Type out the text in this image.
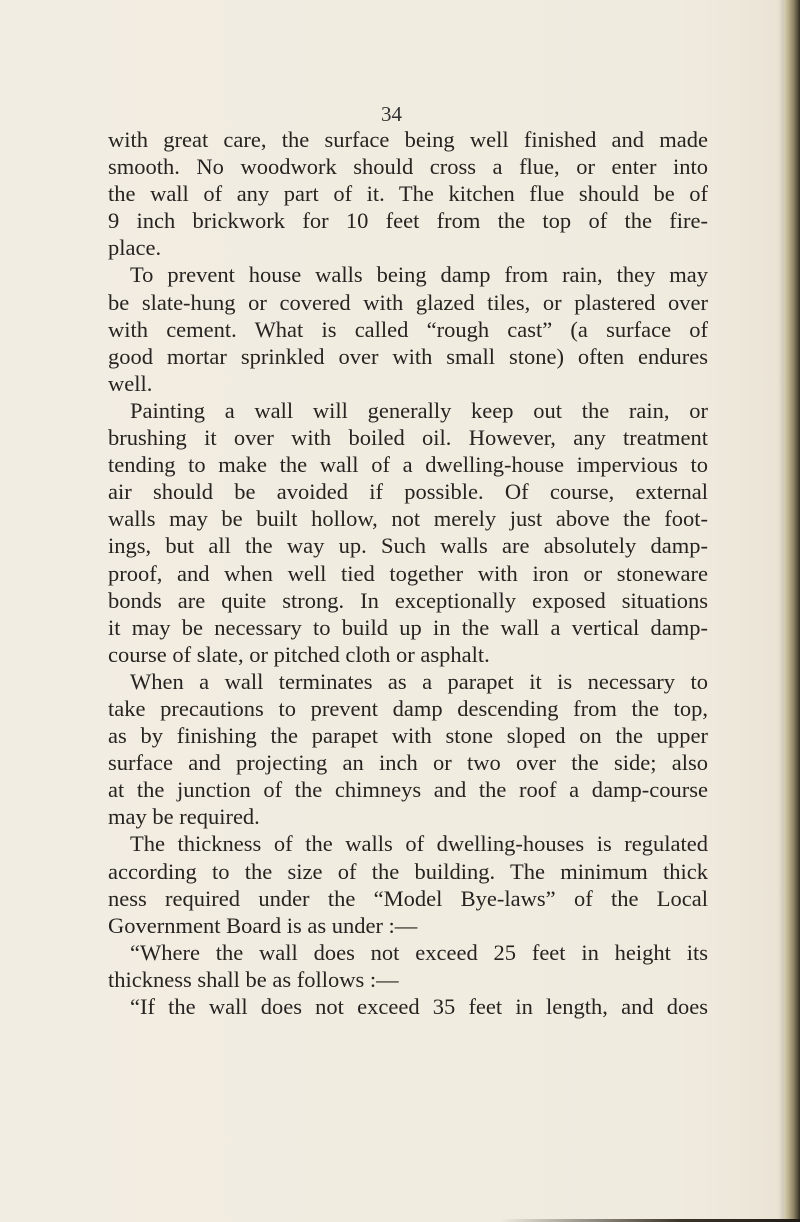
34
with great care, the surface being well finished and made
smooth. No woodwork should cross a flue, or enter into
the wall of any part of it. The kitchen flue should be of
9 inch brickwork for 10 feet from the top of the fire-
place.
To prevent house walls being damp from rain, they may
be slate-hung or covered with glazed tiles, or plastered over
with cement. What is called “rough cast” (a surface of
good mortar sprinkled over with small stone) often endures
well.
Painting a wall will generally keep out the rain, or
brushing it over with boiled oil. However, any treatment
tending to make the wall of a dwelling-house impervious to
air should be avoided if possible. Of course, external
walls may be built hollow, not merely just above the foot-
ings, but all the way up. Such walls are absolutely damp-
proof, and when well tied together with iron or stoneware
bonds are quite strong. In exceptionally exposed situations
it may be necessary to build up in the wall a vertical damp-
course of slate, or pitched cloth or asphalt.
When a wall terminates as a parapet it is necessary to
take precautions to prevent damp descending from the top,
as by finishing the parapet with stone sloped on the upper
surface and projecting an inch or two over the side; also
at the junction of the chimneys and the roof a damp-course
may be required.
The thickness of the walls of dwelling-houses is regulated
according to the size of the building. The minimum thick
ness required under the “Model Bye-laws” of the Local
Government Board is as under :—
“Where the wall does not exceed 25 feet in height its
thickness shall be as follows :—
“If the wall does not exceed 35 feet in length, and does
